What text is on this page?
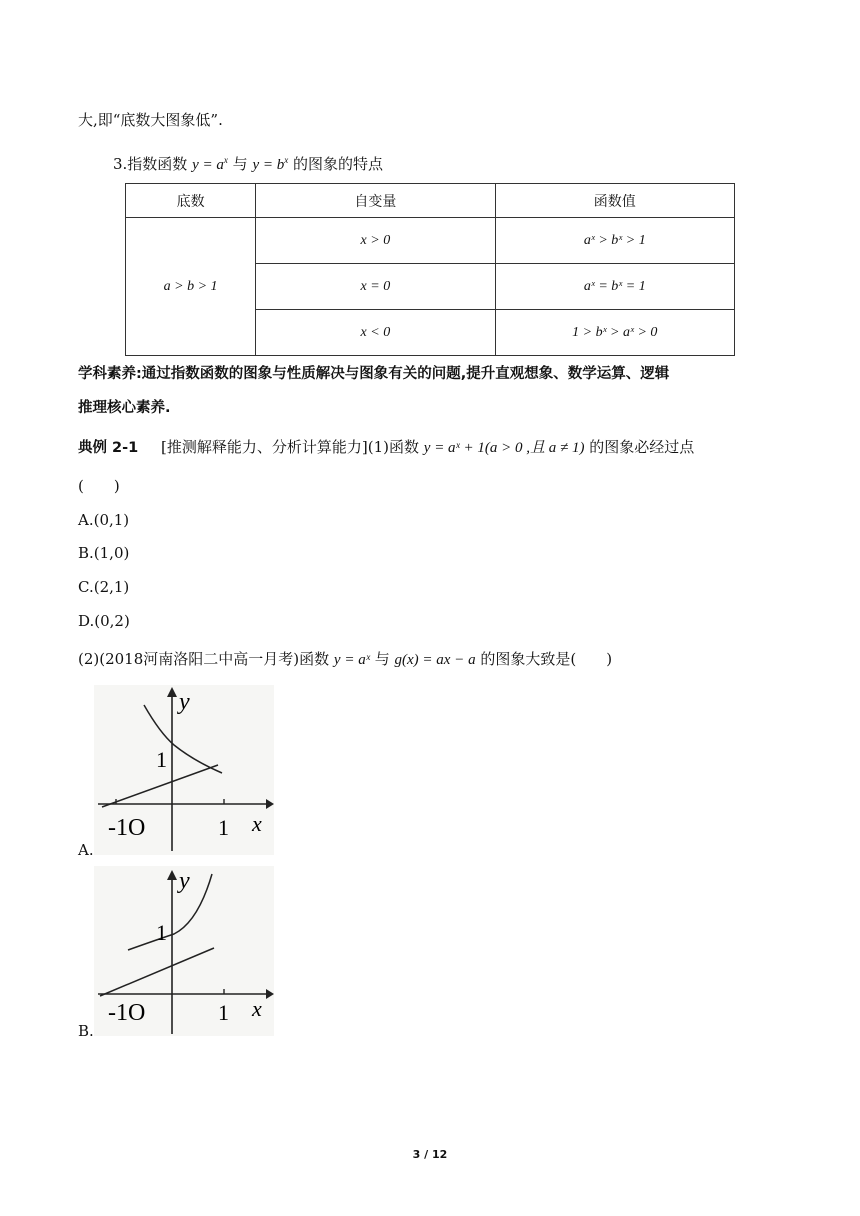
大,即“底数大图象低”.
3.指数函数 $y = a^x$ 与 $y = b^x$ 的图象的特点
底数	自变量	函数值
a > b > 1	x > 0	aˣ > bˣ > 1
	x = 0	aˣ = bˣ = 1
	x < 0	1 > bˣ > aˣ > 0
学科素养:通过指数函数的图象与性质解决与图象有关的问题,提升直观想象、数学运算、逻辑
推理核心素养.
典例 2-1 [推测解释能力、分析计算能力](1)函数 y = aˣ + 1(a > 0 ,且 a ≠ 1) 的图象必经过点
(　　)
A.(0,1)
B.(1,0)
C.(2,1)
D.(0,2)
(2)(2018河南洛阳二中高一月考)函数 y = aˣ 与 g(x) = ax − a 的图象大致是(　　)
y
1
-1O	1 x
A.
y
1
-1O	1 x
B.
3 / 12
